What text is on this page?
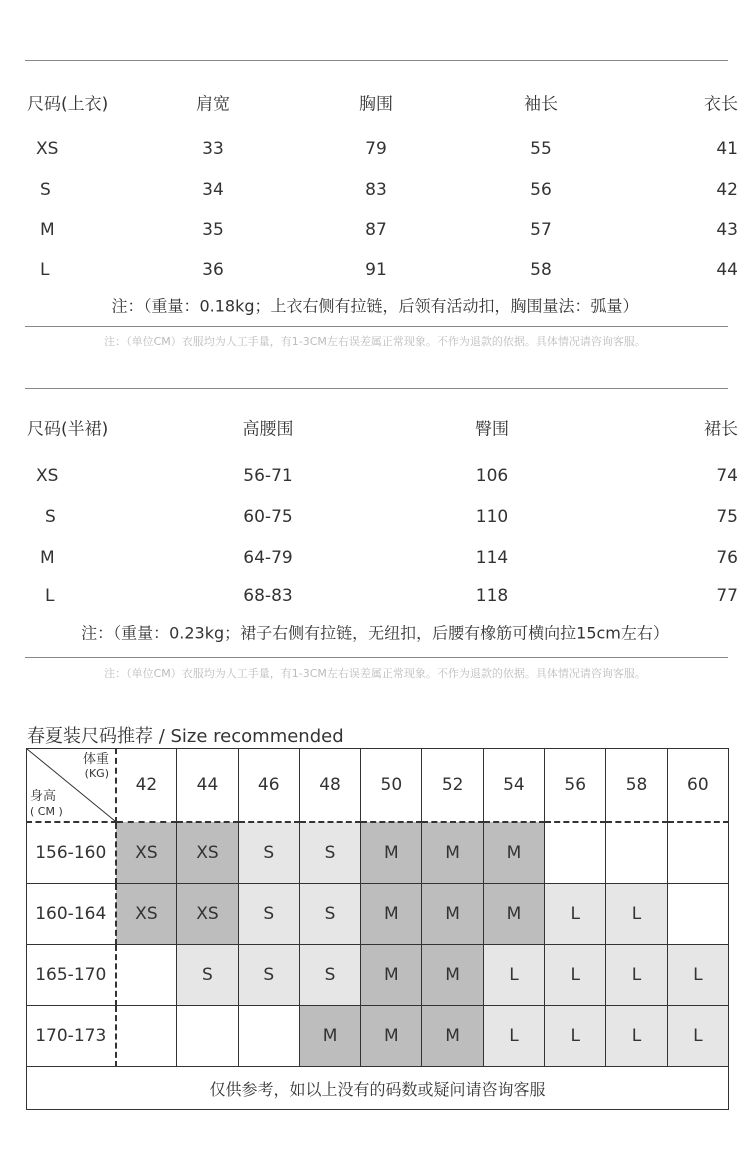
尺码(上衣)	肩宽	胸围	袖长	衣长
XS	33	79	55	41
S	34	83	56	42
M	35	87	57	43
L	36	91	58	44
注：（重量：0.18kg；上衣右侧有拉链，后领有活动扣，胸围量法：弧量）
注：（单位CM）衣服均为人工手量，有1-3CM左右误差属正常现象。不作为退款的依据。具体情况请咨询客服。
尺码(半裙)	高腰围	臀围	裙长
XS	56-71	106	74
S	60-75	110	75
M	64-79	114	76
L	68-83	118	77
注：（重量：0.23kg；裙子右侧有拉链，无纽扣，后腰有橡筋可横向拉15cm左右）
注：（单位CM）衣服均为人工手量，有1-3CM左右误差属正常现象。不作为退款的依据。具体情况请咨询客服。
春夏装尺码推荐 / Size recommended
体重
(KG)
身高
( CM )	42	44	46	48	50	52	54	56	58	60
156-160	XS	XS	S	S	M	M	M			
160-164	XS	XS	S	S	M	M	M	L	L	
165-170		S	S	S	M	M	L	L	L	L
170-173				M	M	M	L	L	L	L
仅供参考，如以上没有的码数或疑问请咨询客服										
